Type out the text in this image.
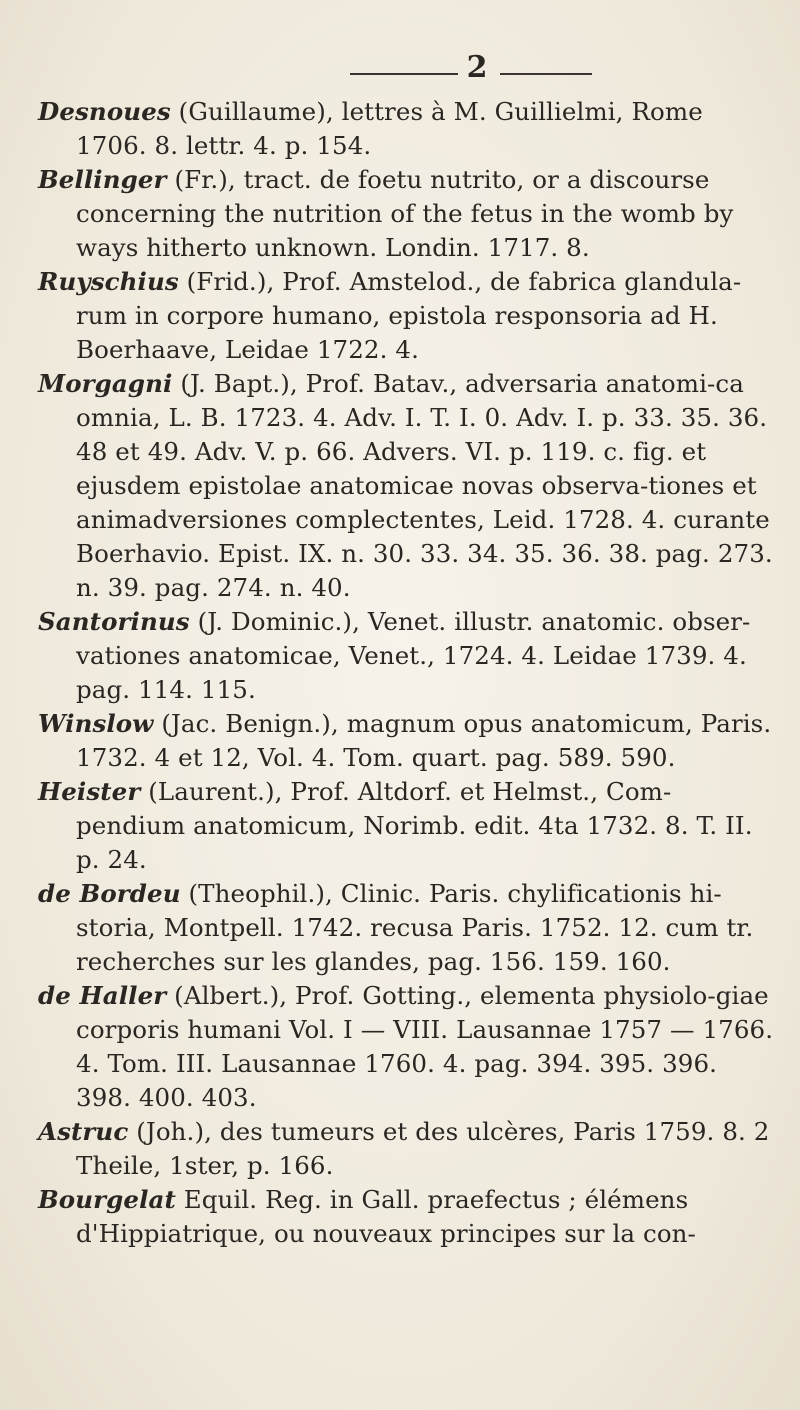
2

Desnoues (Guillaume), lettres à M. Guillielmi, Rome 1706. 8. lettr. 4. p. 154.

Bellinger (Fr.), tract. de foetu nutrito, or a discourse concerning the nutrition of the fetus in the womb by ways hitherto unknown. Londin. 1717. 8.

Ruyschius (Frid.), Prof. Amstelod., de fabrica glandula-rum in corpore humano, epistola responsoria ad H. Boerhaave, Leidae 1722. 4.

Morgagni (J. Bapt.), Prof. Batav., adversaria anatomi-ca omnia, L. B. 1723. 4. Adv. I. T. I. 0. Adv. I. p. 33. 35. 36. 48 et 49. Adv. V. p. 66. Advers. VI. p. 119. c. fig. et ejusdem epistolae anatomicae novas observa-tiones et animadversiones complectentes, Leid. 1728. 4. curante Boerhavio. Epist. IX. n. 30. 33. 34. 35. 36. 38. pag. 273. n. 39. pag. 274. n. 40.

Santorinus (J. Dominic.), Venet. illustr. anatomic. obser-vationes anatomicae, Venet., 1724. 4. Leidae 1739. 4. pag. 114. 115.

Winslow (Jac. Benign.), magnum opus anatomicum, Paris. 1732. 4 et 12, Vol. 4. Tom. quart. pag. 589. 590.

Heister (Laurent.), Prof. Altdorf. et Helmst., Com-pendium anatomicum, Norimb. edit. 4ta 1732. 8. T. II. p. 24.

de Bordeu (Theophil.), Clinic. Paris. chylificationis hi-storia, Montpell. 1742. recusa Paris. 1752. 12. cum tr. recherches sur les glandes, pag. 156. 159. 160.

de Haller (Albert.), Prof. Gotting., elementa physiolo-giae corporis humani Vol. I — VIII. Lausannae 1757 — 1766. 4. Tom. III. Lausannae 1760. 4. pag. 394. 395. 396. 398. 400. 403.

Astruc (Joh.), des tumeurs et des ulcères, Paris 1759. 8. 2 Theile, 1ster, p. 166.

Bourgelat Equil. Reg. in Gall. praefectus ; élémens d'Hippiatrique, ou nouveaux principes sur la con-
